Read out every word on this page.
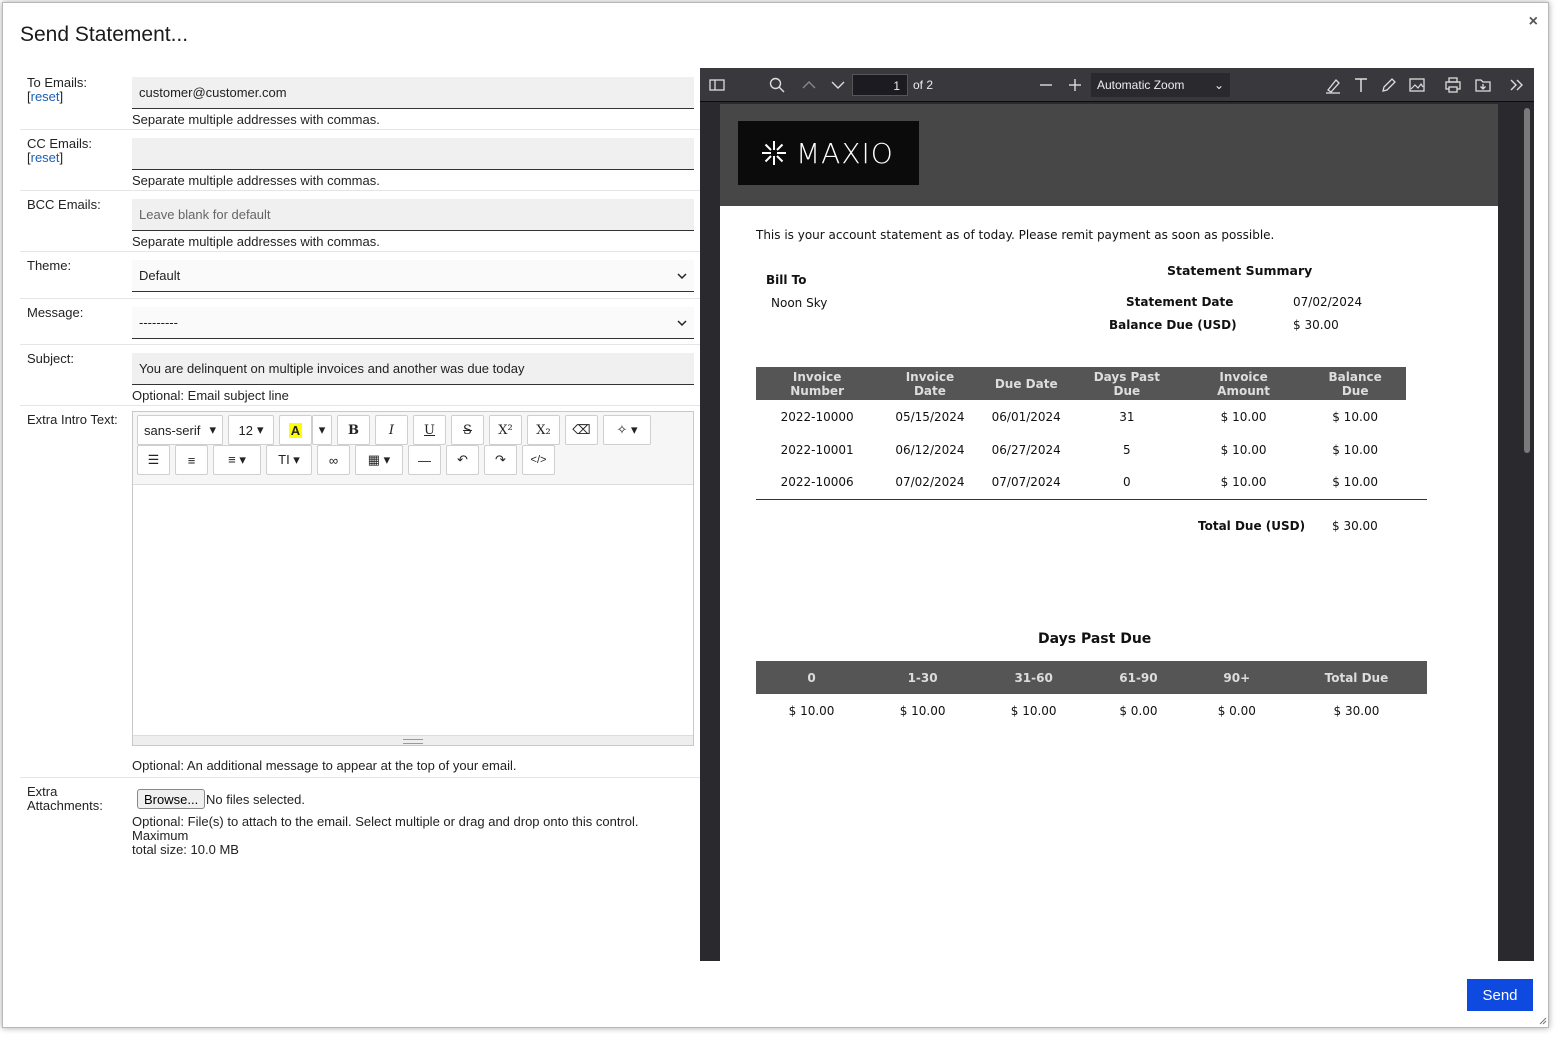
Send Statement...
×
To Emails:
[reset]	customer@customer.com
Separate multiple addresses with commas.
CC Emails:
[reset]
Separate multiple addresses with commas.
BCC Emails:
Leave blank for default
Separate multiple addresses with commas.
Theme:
Default
Message:
---------
Subject:
You are delinquent on multiple invoices and another was due today
Optional: Email subject line
Extra Intro Text:
sans-serif ▾ 12 ▾ A ▾ B I U S X² X₂ ⌫ ✧ ▾
☰ ≡	≡ ▾ TI ▾ ∞ ▦ ▾ — ↶ ↷ </>
Optional: An additional message to appear at the top of your email.
Extra
Attachments:	Browse... No files selected.
Optional: File(s) to attach to the email. Select multiple or drag and drop onto this control. Maximum
total size: 10.0 MB
1	of 2	Automatic Zoom ⌄
MAXIO
This is your account statement as of today. Please remit payment as soon as possible.
Bill To
Noon Sky
Statement Summary
Statement Date	07/02/2024
Balance Due (USD)	$ 30.00
Invoice Number	Invoice Date	Due Date	Days Past Due	Invoice Amount	Balance Due
2022-10000	05/15/2024	06/01/2024	31	$ 10.00	$ 10.00
2022-10001	06/12/2024	06/27/2024	5	$ 10.00	$ 10.00
2022-10006	07/02/2024	07/07/2024	0	$ 10.00	$ 10.00
Total Due (USD) $ 30.00
Days Past Due
0	1-30	31-60	61-90	90+	Total Due
$ 10.00	$ 10.00	$ 10.00	$ 0.00	$ 0.00	$ 30.00
Send
